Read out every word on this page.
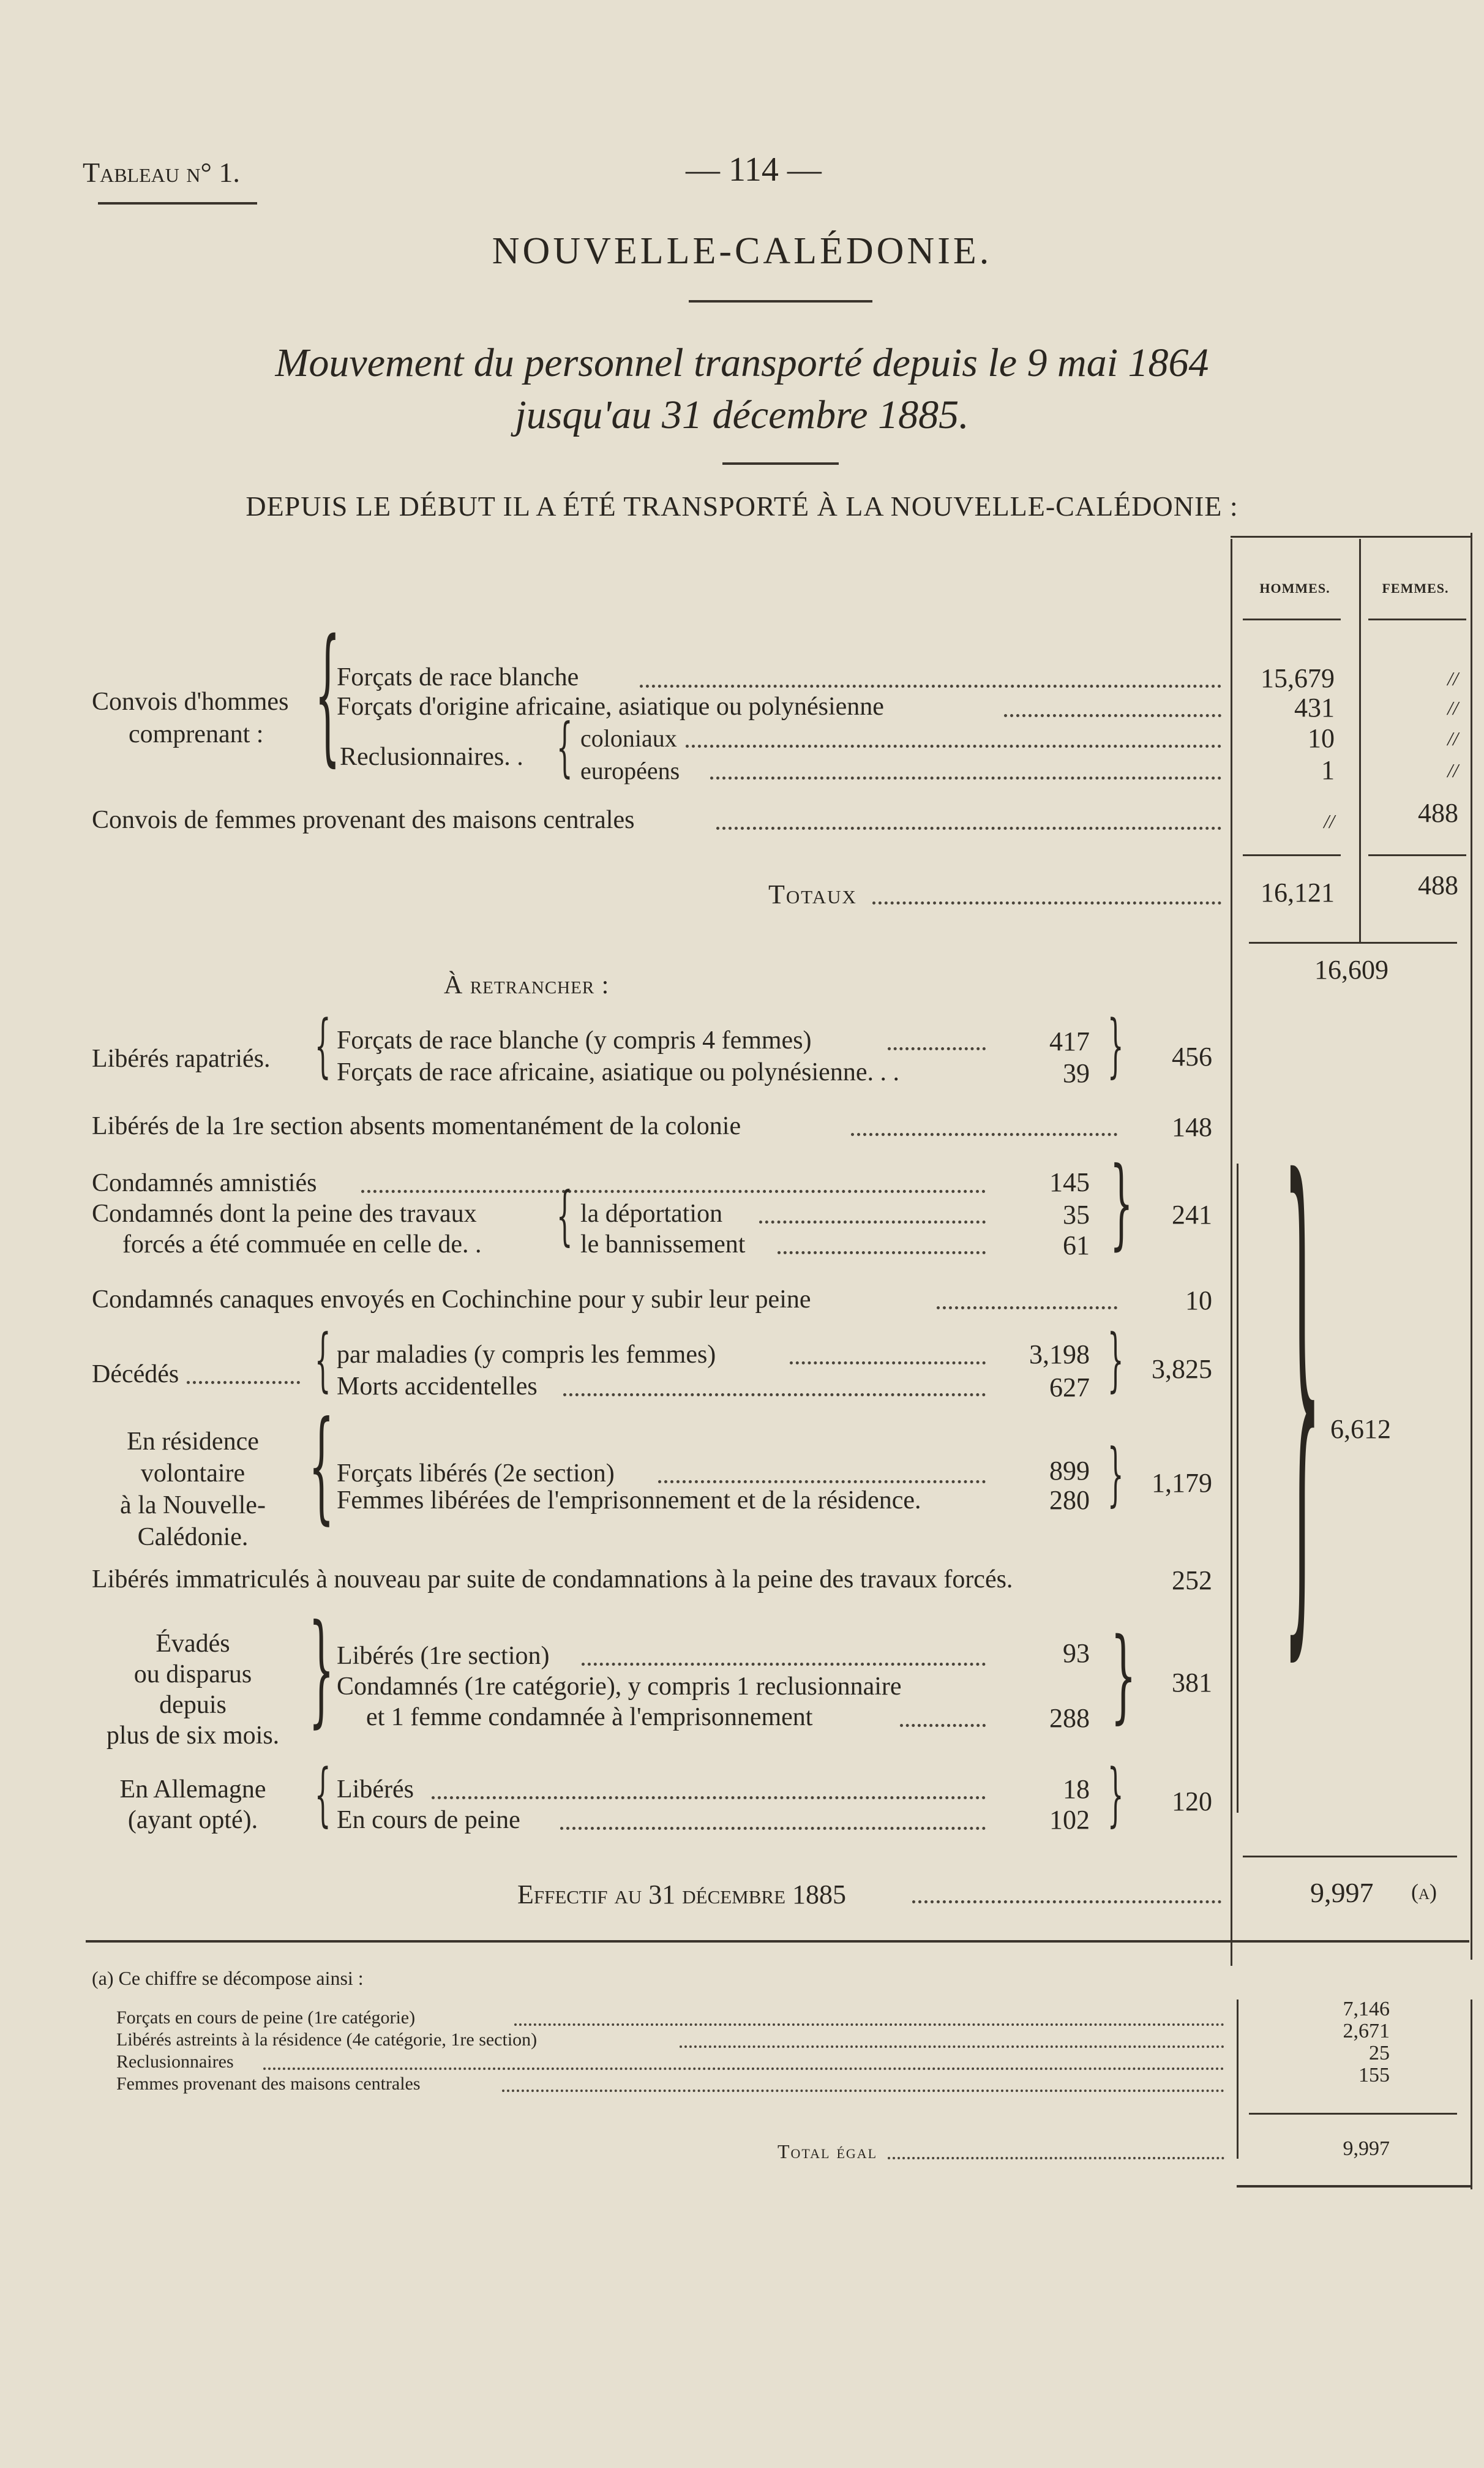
Tableau n° 1.	— 114 —
NOUVELLE-CALÉDONIE.
Mouvement du personnel transporté depuis le 9 mai 1864
jusqu'au 31 décembre 1885.
DEPUIS LE DÉBUT IL A ÉTÉ TRANSPORTÉ À LA NOUVELLE-CALÉDONIE :
HOMMES.	FEMMES.
Convois d'hommes
comprenant : {
Forçats de race blanche	15,679	//
Forçats d'origine africaine, asiatique ou polynésienne	431	//
Reclusionnaires. . { coloniaux	10	//
européens	1	//
Convois de femmes provenant des maisons centrales	//	488
Totaux	16,121	488
16,609
À retrancher :
Libérés rapatriés. { Forçats de race blanche (y compris 4 femmes)	417
Forçats de race africaine, asiatique ou polynésienne. . .	39 }	456
Libérés de la 1re section absents momentanément de la colonie	148
Condamnés amnistiés	145
Condamnés dont la peine des travaux
forcés a été commuée en celle de. . { la déportation	35
le bannissement	61 }	241
Condamnés canaques envoyés en Cochinchine pour y subir leur peine	10
Décédés	{ par maladies (y compris les femmes)	3,198
Morts accidentelles	627 }	3,825
En résidence
volontaire
à la Nouvelle-
Calédonie.
{ Forçats libérés (2e section)	899
Femmes libérées de l'emprisonnement et de la résidence.	280 }	1,179 } 6,612
Libérés immatriculés à nouveau par suite de condamnations à la peine des travaux forcés.	252
Évadés
ou disparus
depuis
plus de six mois. } Libérés (1re section)	93
Condamnés (1re catégorie), y compris 1 reclusionnaire
et 1 femme condamnée à l'emprisonnement	288 }	381
En Allemagne
(ayant opté).	{ Libérés	18
En cours de peine	102 }	120
Effectif au 31 décembre 1885	9,997 (a)
(a) Ce chiffre se décompose ainsi :
Forçats en cours de peine (1re catégorie)	7,146
Libérés astreints à la résidence (4e catégorie, 1re section)	2,671
Reclusionnaires	25
Femmes provenant des maisons centrales	155
Total égal	9,997
